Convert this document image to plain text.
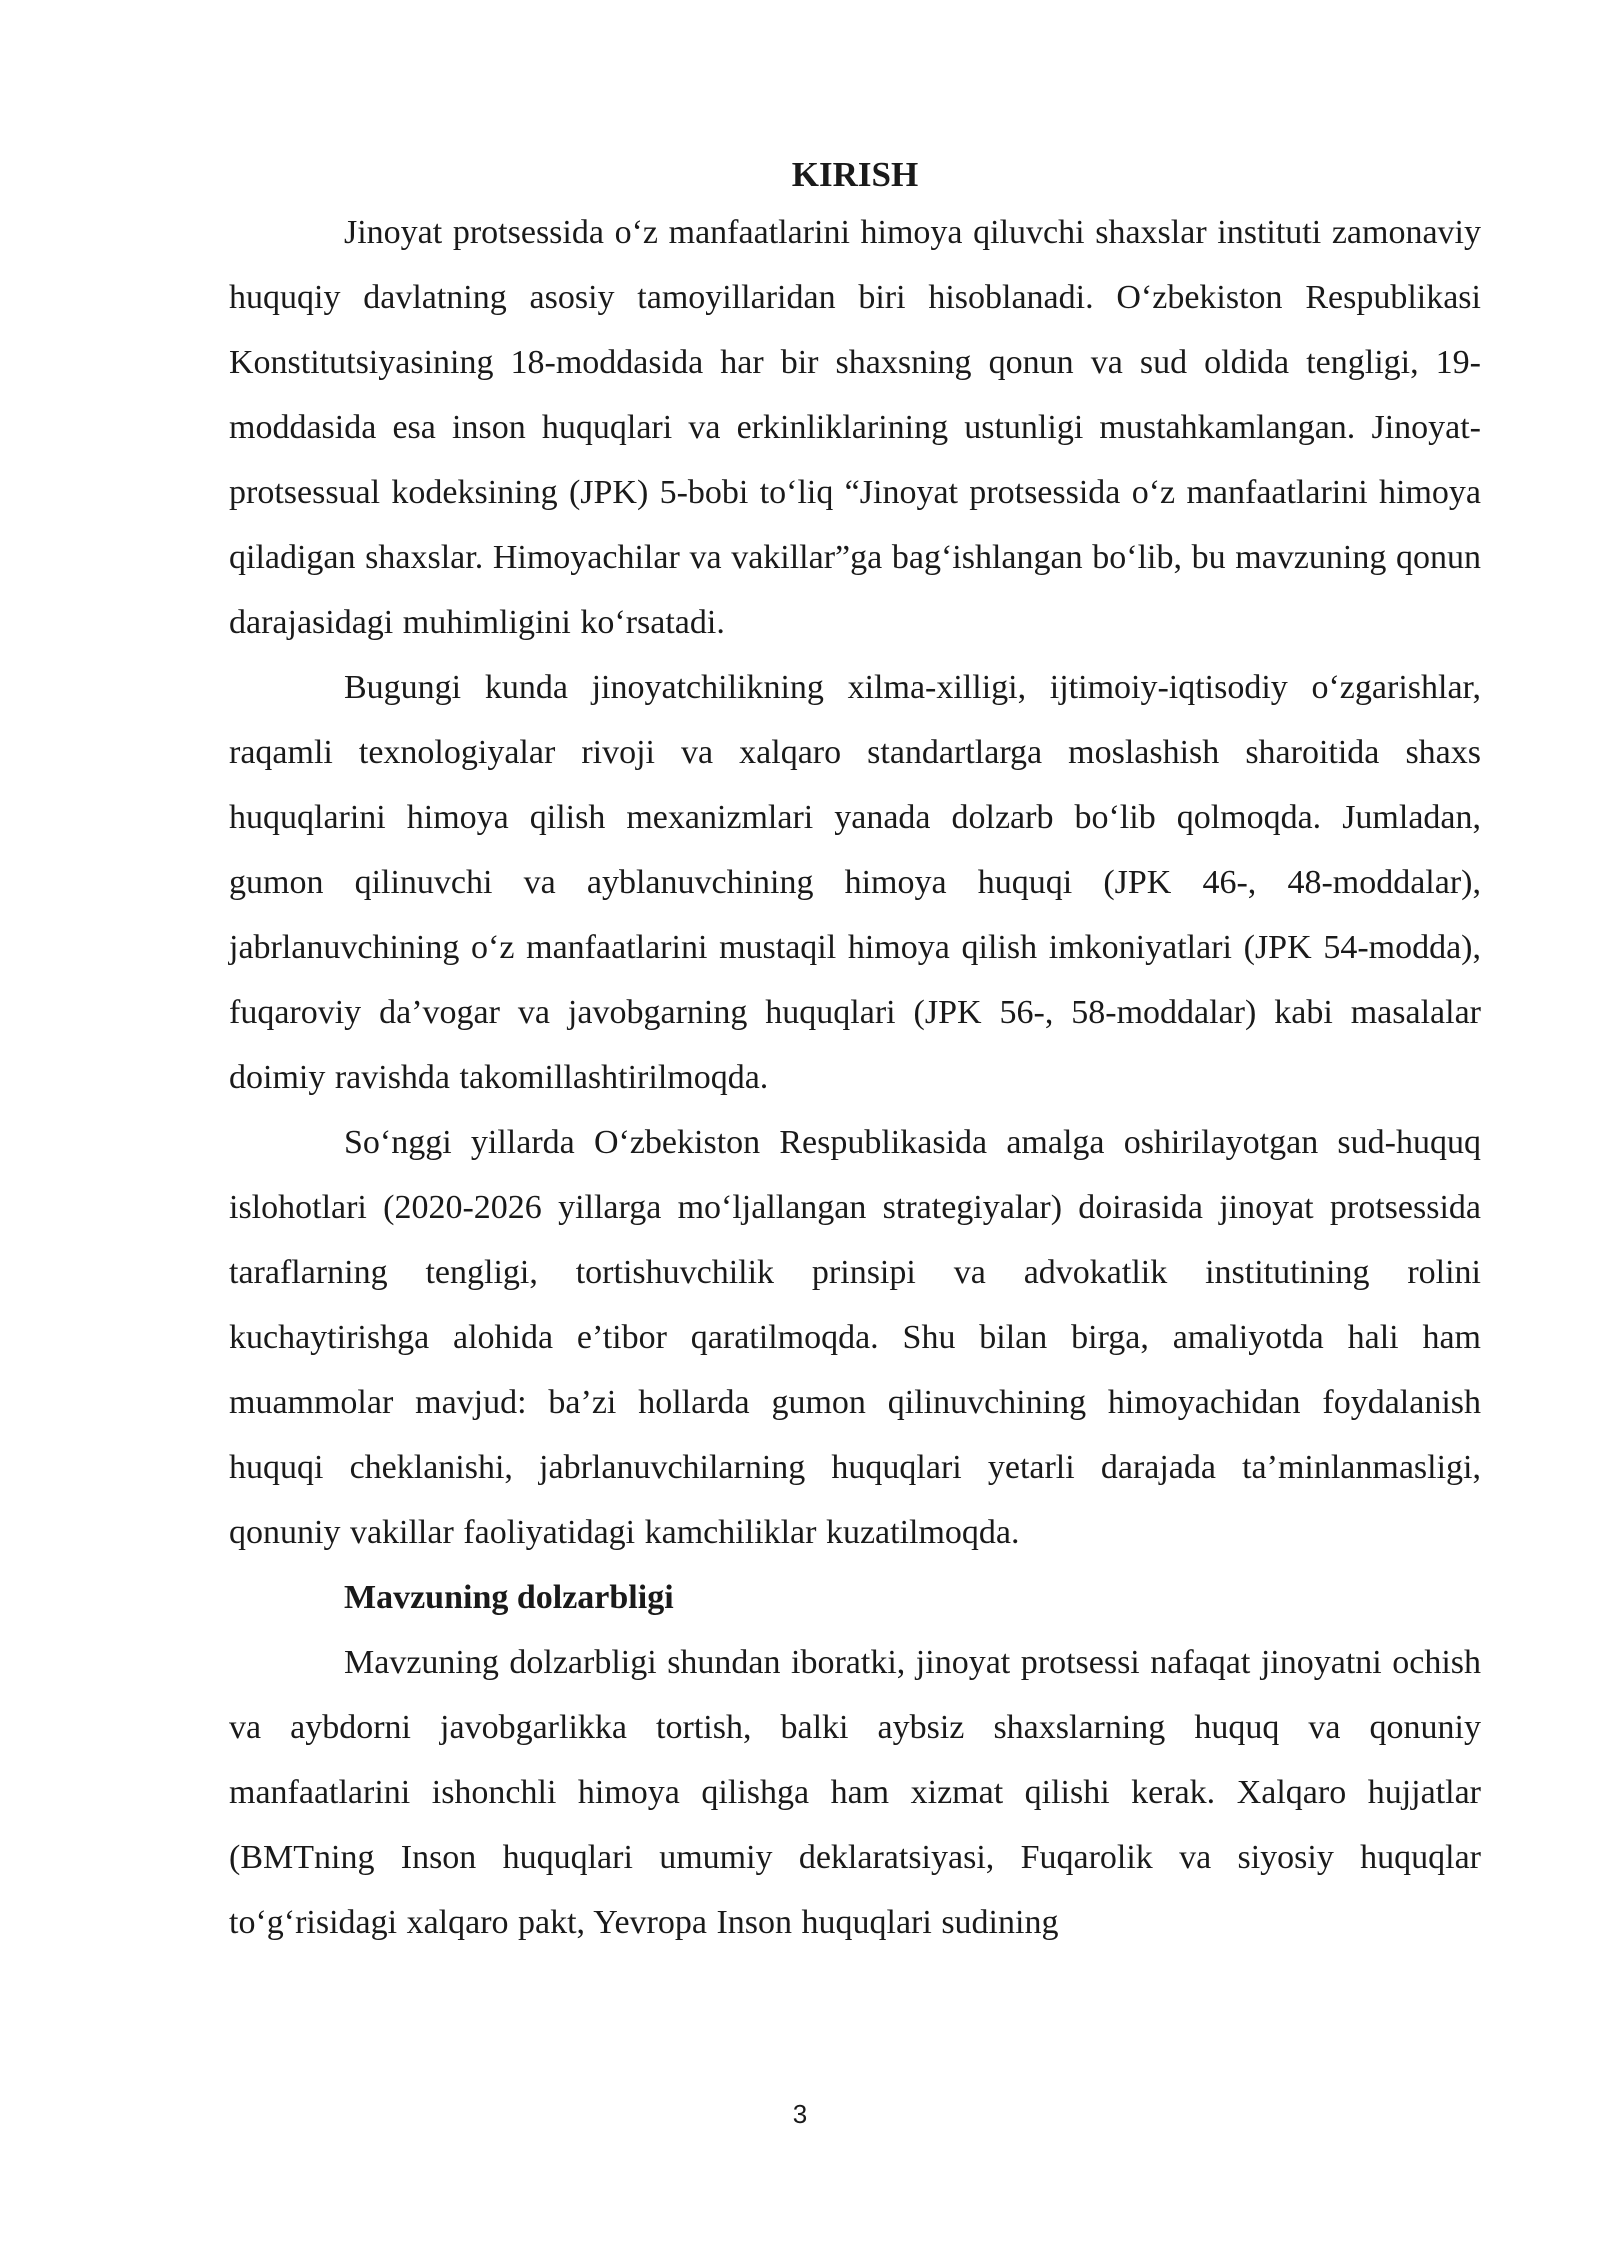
KIRISH

Jinoyat protsessida o‘z manfaatlarini himoya qiluvchi shaxslar instituti zamonaviy huquqiy davlatning asosiy tamoyillaridan biri hisoblanadi. O‘zbekiston Respublikasi Konstitutsiyasining 18-moddasida har bir shaxsning qonun va sud oldida tengligi, 19-moddasida esa inson huquqlari va erkinliklarining ustunligi mustahkamlangan. Jinoyat-protsessual kodeksining (JPK) 5-bobi to‘liq “Jinoyat protsessida o‘z manfaatlarini himoya qiladigan shaxslar. Himoyachilar va vakillar”ga bag‘ishlangan bo‘lib, bu mavzuning qonun darajasidagi muhimligini ko‘rsatadi.

Bugungi kunda jinoyatchilikning xilma-xilligi, ijtimoiy-iqtisodiy o‘zgarishlar, raqamli texnologiyalar rivoji va xalqaro standartlarga moslashish sharoitida shaxs huquqlarini himoya qilish mexanizmlari yanada dolzarb bo‘lib qolmoqda. Jumladan, gumon qilinuvchi va ayblanuvchining himoya huquqi (JPK 46-, 48-moddalar), jabrlanuvchining o‘z manfaatlarini mustaqil himoya qilish imkoniyatlari (JPK 54-modda), fuqaroviy da’vogar va javobgarning huquqlari (JPK 56-, 58-moddalar) kabi masalalar doimiy ravishda takomillashtirilmoqda.

So‘nggi yillarda O‘zbekiston Respublikasida amalga oshirilayotgan sud-huquq islohotlari (2020-2026 yillarga mo‘ljallangan strategiyalar) doirasida jinoyat protsessida taraflarning tengligi, tortishuvchilik prinsipi va advokatlik institutining rolini kuchaytirishga alohida e’tibor qaratilmoqda. Shu bilan birga, amaliyotda hali ham muammolar mavjud: ba’zi hollarda gumon qilinuvchining himoyachidan foydalanish huquqi cheklanishi, jabrlanuvchilarning huquqlari yetarli darajada ta’minlanmasligi, qonuniy vakillar faoliyatidagi kamchiliklar kuzatilmoqda.

Mavzuning dolzarbligi

Mavzuning dolzarbligi shundan iboratki, jinoyat protsessi nafaqat jinoyatni ochish va aybdorni javobgarlikka tortish, balki aybsiz shaxslarning huquq va qonuniy manfaatlarini ishonchli himoya qilishga ham xizmat qilishi kerak. Xalqaro hujjatlar (BMTning Inson huquqlari umumiy deklaratsiyasi, Fuqarolik va siyosiy huquqlar to‘g‘risidagi xalqaro pakt, Yevropa Inson huquqlari sudining

3
